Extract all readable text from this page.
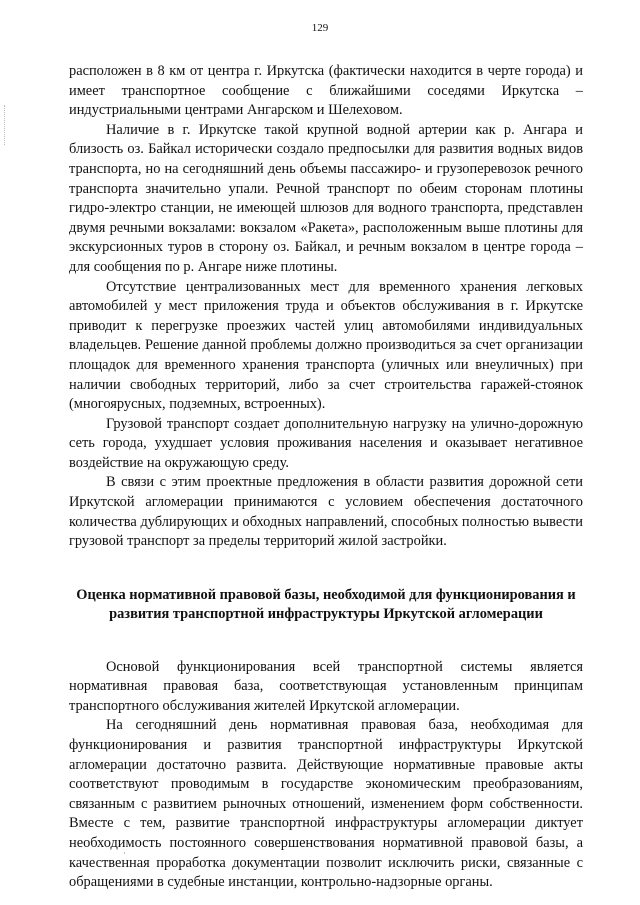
129

расположен в 8 км от центра г. Иркутска (фактически находится в черте города) и имеет транспортное сообщение с ближайшими соседями Иркутска – индустриальными центрами Ангарском и Шелеховом.

Наличие в г. Иркутске такой крупной водной артерии как р. Ангара и близость оз. Байкал исторически создало предпосылки для развития водных видов транспорта, но на сегодняшний день объемы пассажиро- и грузоперевозок речного транспорта значительно упали. Речной транспорт по обеим сторонам плотины гидро-электро станции, не имеющей шлюзов для водного транспорта, представлен двумя речными вокзалами: вокзалом «Ракета», расположенным выше плотины для экскурсионных туров в сторону оз. Байкал, и речным вокзалом в центре города – для сообщения по р. Ангаре ниже плотины.

Отсутствие централизованных мест для временного хранения легковых автомобилей у мест приложения труда и объектов обслуживания в г. Иркутске приводит к перегрузке проезжих частей улиц автомобилями индивидуальных владельцев. Решение данной проблемы должно производиться за счет организации площадок для временного хранения транспорта (уличных или внеуличных) при наличии свободных территорий, либо за счет строительства гаражей-стоянок (многоярусных, подземных, встроенных).

Грузовой транспорт создает дополнительную нагрузку на улично-дорожную сеть города, ухудшает условия проживания населения и оказывает негативное воздействие на окружающую среду.

В связи с этим проектные предложения в области развития дорожной сети Иркутской агломерации принимаются с условием обеспечения достаточного количества дублирующих и обходных направлений, способных полностью вывести грузовой транспорт за пределы территорий жилой застройки.

Оценка нормативной правовой базы, необходимой для функционирования и развития транспортной инфраструктуры Иркутской агломерации

Основой функционирования всей транспортной системы является нормативная правовая база, соответствующая установленным принципам транспортного обслуживания жителей Иркутской агломерации.

На сегодняшний день нормативная правовая база, необходимая для функционирования и развития транспортной инфраструктуры Иркутской агломерации достаточно развита. Действующие нормативные правовые акты соответствуют проводимым в государстве экономическим преобразованиям, связанным с развитием рыночных отношений, изменением форм собственности. Вместе с тем, развитие транспортной инфраструктуры агломерации диктует необходимость постоянного совершенствования нормативной правовой базы, а качественная проработка документации позволит исключить риски, связанные с обращениями в судебные инстанции, контрольно-надзорные органы.
